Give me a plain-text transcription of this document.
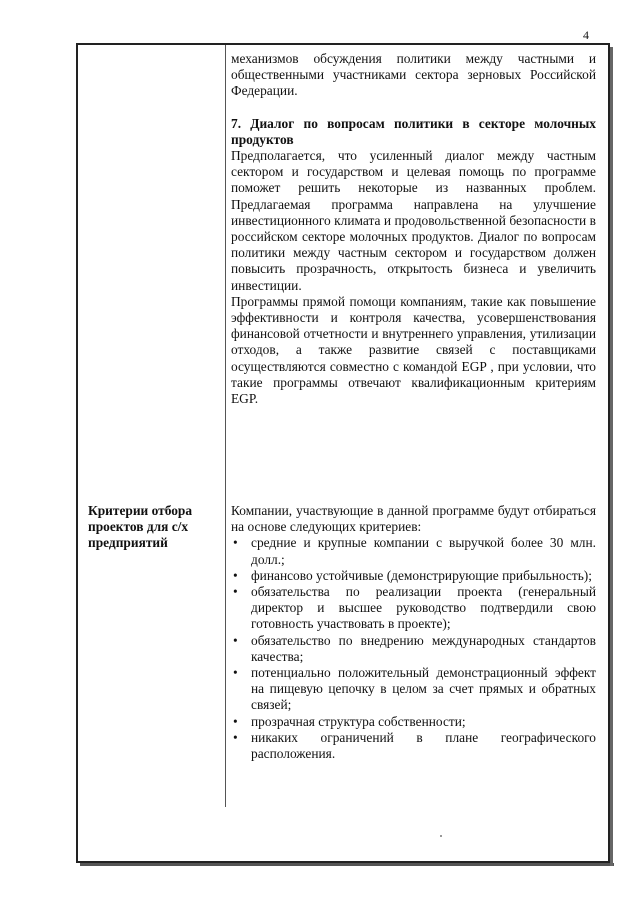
4

механизмов обсуждения политики между частными и общественными участниками сектора зерновых Российской Федерации.

7. Диалог по вопросам политики в секторе молочных продуктов

Предполагается, что усиленный диалог между частным сектором и государством и целевая помощь по программе поможет решить некоторые из названных проблем. Предлагаемая программа направлена на улучшение инвестиционного климата и продовольственной безопасности в российском секторе молочных продуктов. Диалог по вопросам политики между частным сектором и государством должен повысить прозрачность, открытость бизнеса и увеличить инвестиции.

Программы прямой помощи компаниям, такие как повышение эффективности и контроля качества, усовершенствования финансовой отчетности и внутреннего управления, утилизации отходов, а также развитие связей с поставщиками осуществляются совместно с командой EGP , при условии, что такие программы отвечают квалификационным критериям EGP.

Критерии отбора проектов для с/х предприятий

Компании, участвующие в данной программе будут отбираться на основе следующих критериев:

• средние и крупные компании с выручкой более 30 млн. долл.;
• финансово устойчивые (демонстрирующие прибыльность);
• обязательства по реализации проекта (генеральный директор и высшее руководство подтвердили свою готовность участвовать в проекте);
• обязательство по внедрению международных стандартов качества;
• потенциально положительный демонстрационный эффект на пищевую цепочку в целом за счет прямых и обратных связей;
• прозрачная структура собственности;
• никаких ограничений в плане географического расположения.
